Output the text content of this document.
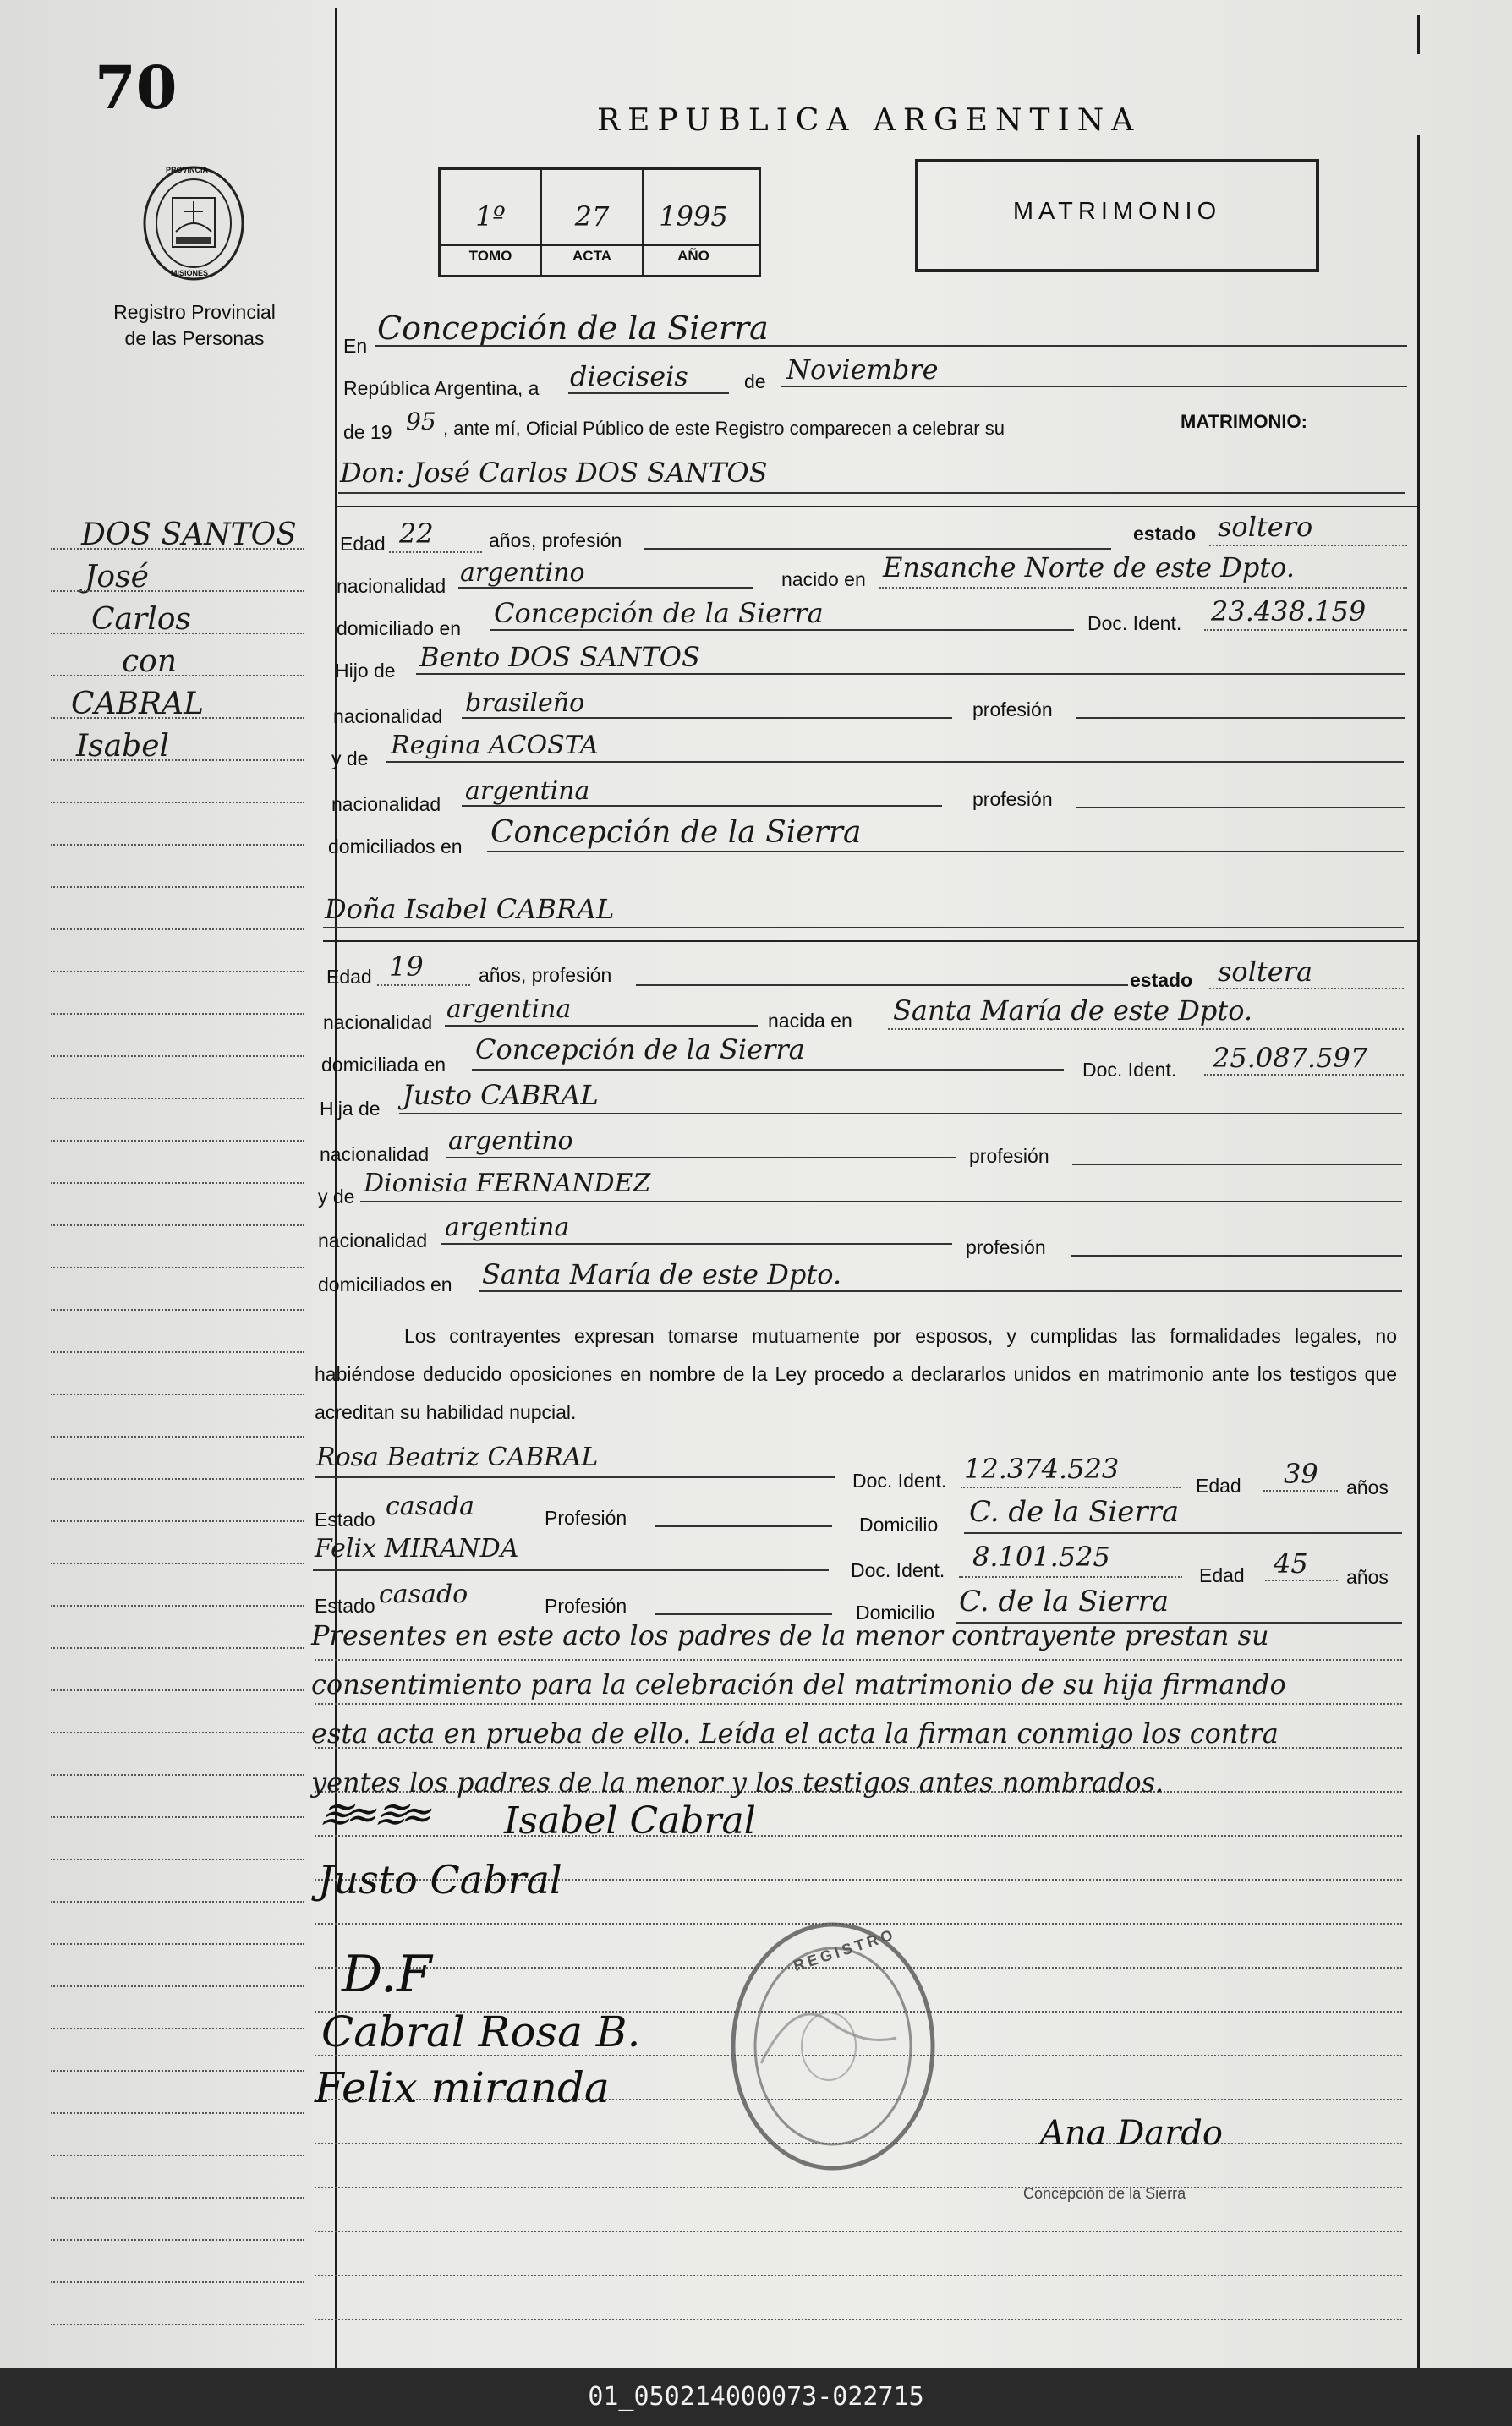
70	REPUBLICA ARGENTINA
PROVINCIA
MISIONES
Registro Provincial
de las Personas
1º	27	1995
TOMO	ACTA	AÑO
MATRIMONIO
DOS SANTOS
José
Carlos
con
CABRAL
Isabel
En Concepción de la Sierra
República Argentina, a dieciseis	de Noviembre
de 19 95 , ante mí, Oficial Público de este Registro comparecen a celebrar su	MATRIMONIO:
Don: José Carlos DOS SANTOS
Edad 22	años, profesión	estado soltero
nacionalidad argentino	nacido en Ensanche Norte de este Dpto.
domiciliado en Concepción de la Sierra	Doc. Ident. 23.438.159
Hijo de Bento DOS SANTOS
nacionalidad brasileño	profesión
y de Regina ACOSTA
nacionalidad argentina	profesión
domiciliados en Concepción de la Sierra
Doña Isabel CABRAL
Edad 19	años, profesión	estado soltera
nacionalidad argentina	nacida en Santa María de este Dpto.
domiciliada en Concepción de la Sierra
Doc. Ident. 25.087.597
Hija de Justo CABRAL
nacionalidad argentino	profesión
y de Dionisia FERNANDEZ
nacionalidad argentina
profesión
domiciliados en Santa María de este Dpto.
Los contrayentes expresan tomarse mutuamente por esposos, y cumplidas las formalidades legales, no habiéndose deducido oposiciones en nombre de la Ley procedo a declararlos unidos en matrimonio ante los testigos que acreditan su habilidad nupcial.
Rosa Beatriz CABRAL
Doc. Ident. 12.374.523
Edad 39 años
Estado casada	Profesión	Domicilio C. de la Sierra
Felix MIRANDA
Doc. Ident. 8.101.525
Edad 45 años
Estado casado	Profesión	Domicilio C. de la Sierra
Presentes en este acto los padres de la menor contrayente prestan su
consentimiento para la celebración del matrimonio de su hija firmando
esta acta en prueba de ello. Leída el acta la firman conmigo los contra
yentes los padres de la menor y los testigos antes nombrados.
≋≈≋≈ Isabel Cabral
Justo Cabral
D.F
Cabral Rosa B.
Felix miranda
REGISTRO
Ana Dardo
Concepción de la Sierra
01_050214000073-022715
